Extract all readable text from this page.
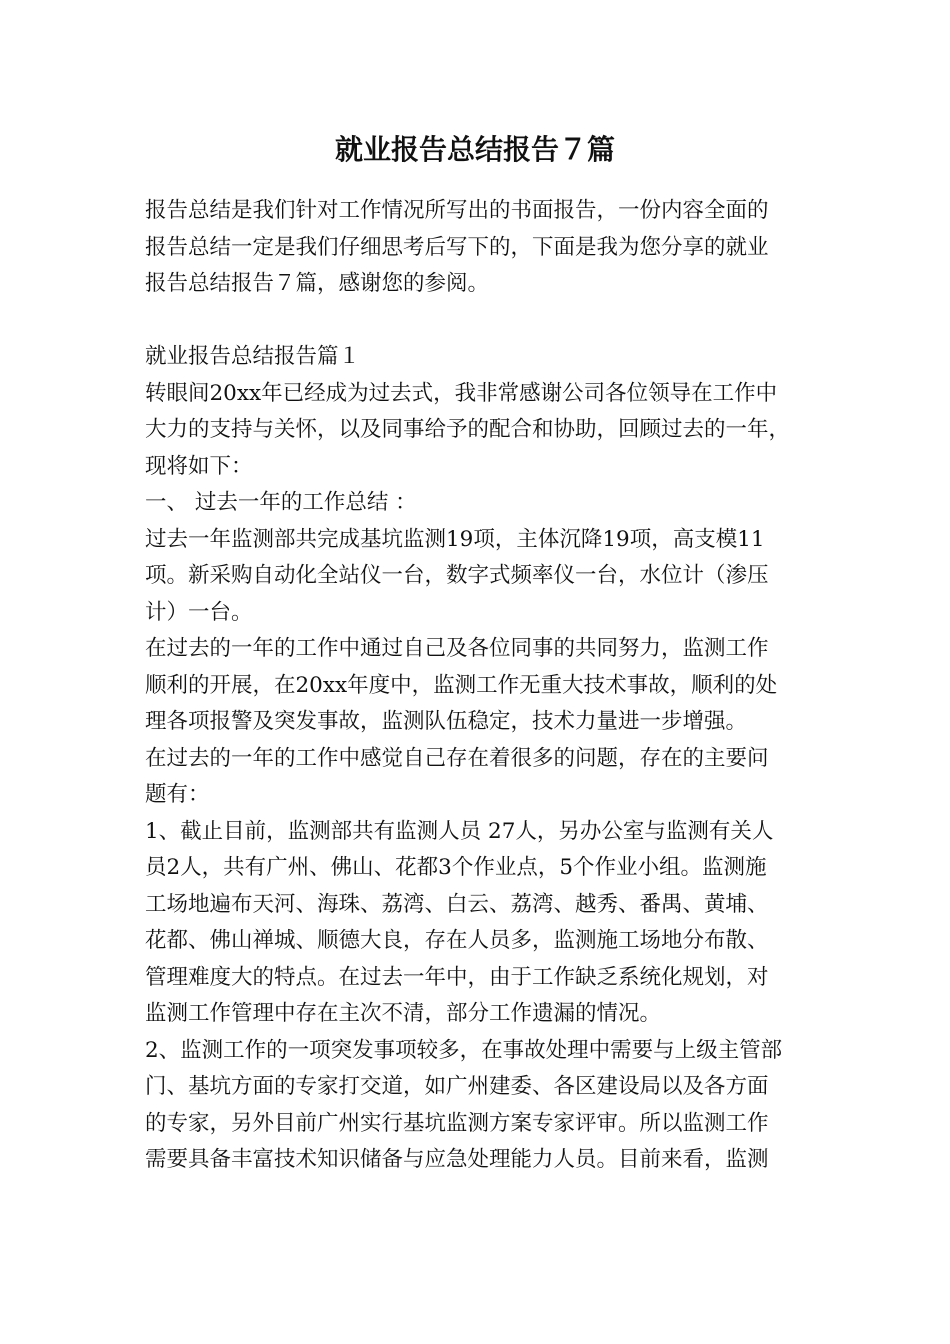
就业报告总结报告７篇

报告总结是我们针对工作情况所写出的书面报告，一份内容全面的

报告总结一定是我们仔细思考后写下的，下面是我为您分享的就业

报告总结报告７篇，感谢您的参阅。

就业报告总结报告篇１

转眼间20xx年已经成为过去式，我非常感谢公司各位领导在工作中

大力的支持与关怀，以及同事给予的配合和协助，回顾过去的一年，

现将如下：

一、 过去一年的工作总结 ：

过去一年监测部共完成基坑监测19项，主体沉降19项，高支模11

项。新采购自动化全站仪一台，数字式频率仪一台，水位计（渗压

计）一台。

在过去的一年的工作中通过自己及各位同事的共同努力，监测工作

顺利的开展，在20xx年度中，监测工作无重大技术事故，顺利的处

理各项报警及突发事故，监测队伍稳定，技术力量进一步增强。

在过去的一年的工作中感觉自己存在着很多的问题，存在的主要问

题有：

1、截止目前，监测部共有监测人员 27人，另办公室与监测有关人

员2人，共有广州、佛山、花都3个作业点，5个作业小组。监测施

工场地遍布天河、海珠、荔湾、白云、荔湾、越秀、番禺、黄埔、

花都、佛山禅城、顺德大良，存在人员多，监测施工场地分布散、

管理难度大的特点。在过去一年中，由于工作缺乏系统化规划，对

监测工作管理中存在主次不清，部分工作遗漏的情况。

2、监测工作的一项突发事项较多，在事故处理中需要与上级主管部

门、基坑方面的专家打交道，如广州建委、各区建设局以及各方面

的专家，另外目前广州实行基坑监测方案专家评审。所以监测工作

需要具备丰富技术知识储备与应急处理能力人员。目前来看，监测
